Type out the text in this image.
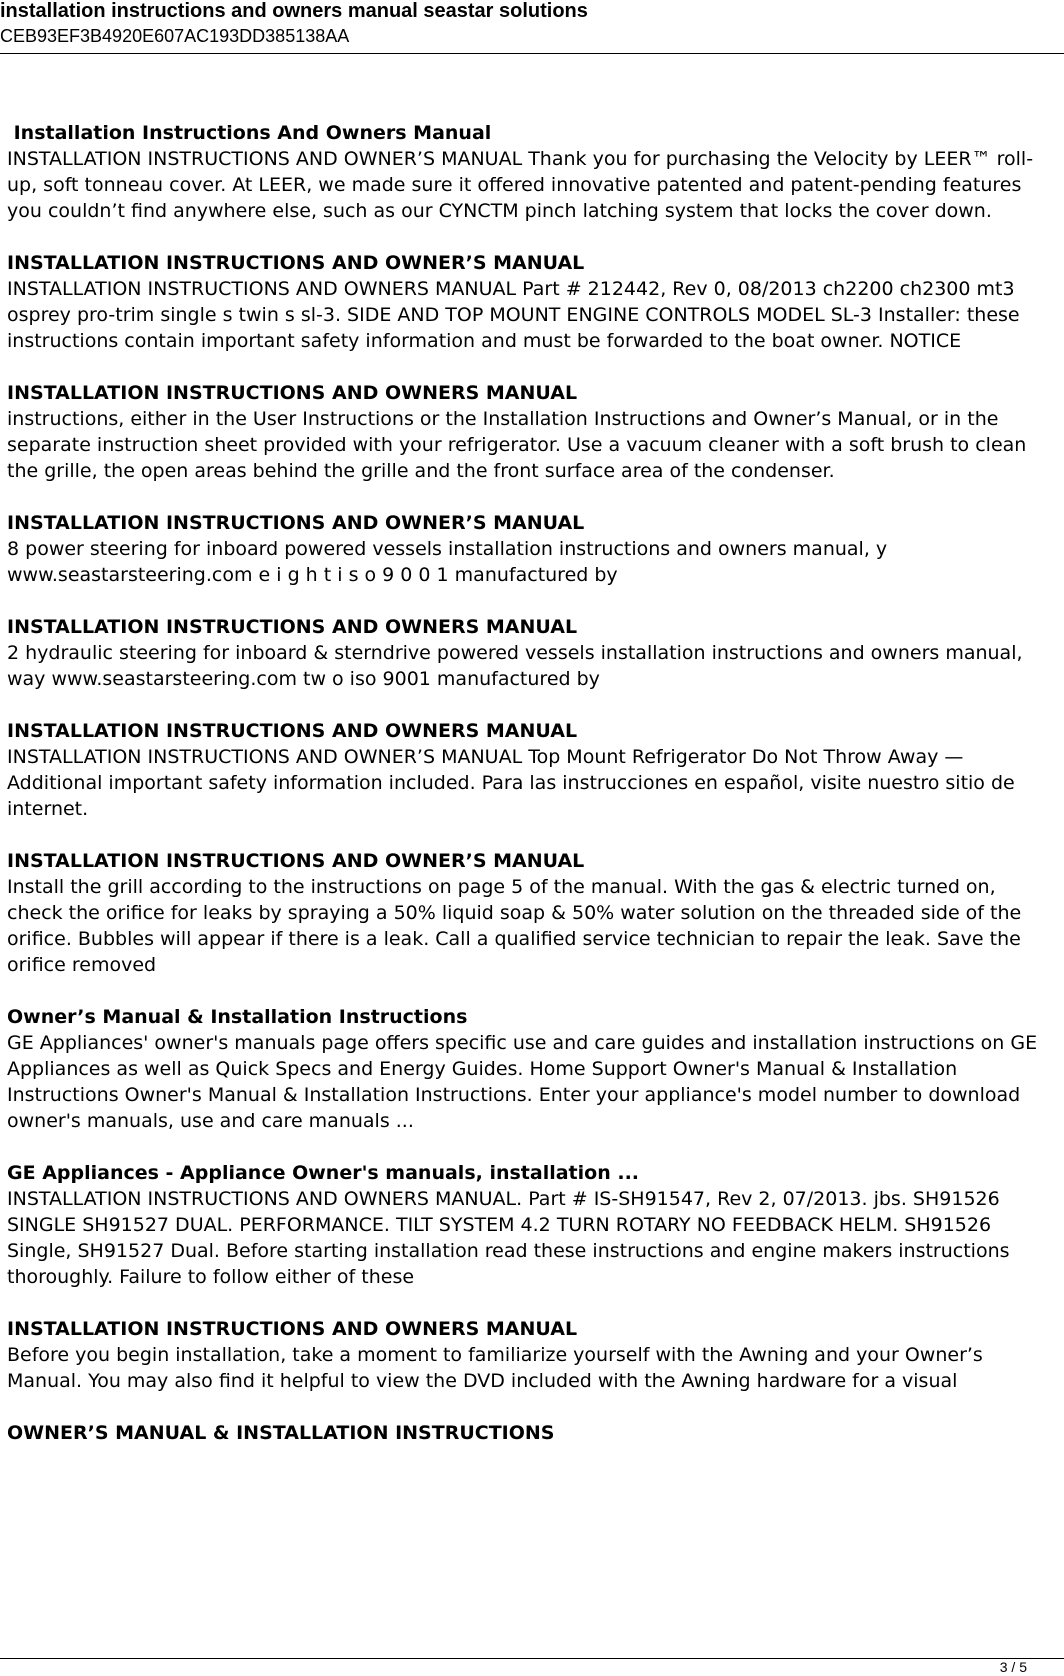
installation instructions and owners manual seastar solutions
CEB93EF3B4920E607AC193DD385138AA
Installation Instructions And Owners Manual

INSTALLATION INSTRUCTIONS AND OWNER’S MANUAL Thank you for purchasing the Velocity by LEER™ roll-up, soft tonneau cover. At LEER, we made sure it offered innovative patented and patent-pending features you couldn’t find anywhere else, such as our CYNCTM pinch latching system that locks the cover down.

INSTALLATION INSTRUCTIONS AND OWNER’S MANUAL

INSTALLATION INSTRUCTIONS AND OWNERS MANUAL Part # 212442, Rev 0, 08/2013 ch2200 ch2300 mt3 osprey pro-trim single s twin s sl-3. SIDE AND TOP MOUNT ENGINE CONTROLS MODEL SL-3 Installer: these instructions contain important safety information and must be forwarded to the boat owner. NOTICE

INSTALLATION INSTRUCTIONS AND OWNERS MANUAL

instructions, either in the User Instructions or the Installation Instructions and Owner’s Manual, or in the separate instruction sheet provided with your refrigerator. Use a vacuum cleaner with a soft brush to clean the grille, the open areas behind the grille and the front surface area of the condenser.

INSTALLATION INSTRUCTIONS AND OWNER’S MANUAL

8 power steering for inboard powered vessels installation instructions and owners manual, y www.seastarsteering.com e i g h t i s o 9 0 0 1 manufactured by

INSTALLATION INSTRUCTIONS AND OWNERS MANUAL

2 hydraulic steering for inboard & sterndrive powered vessels installation instructions and owners manual, way www.seastarsteering.com tw o iso 9001 manufactured by

INSTALLATION INSTRUCTIONS AND OWNERS MANUAL

INSTALLATION INSTRUCTIONS AND OWNER’S MANUAL Top Mount Refrigerator Do Not Throw Away — Additional important safety information included. Para las instrucciones en español, visite nuestro sitio de internet.

INSTALLATION INSTRUCTIONS AND OWNER’S MANUAL

Install the grill according to the instructions on page 5 of the manual. With the gas & electric turned on, check the orifice for leaks by spraying a 50% liquid soap & 50% water solution on the threaded side of the orifice. Bubbles will appear if there is a leak. Call a qualified service technician to repair the leak. Save the orifice removed

Owner’s Manual & Installation Instructions

GE Appliances' owner's manuals page offers specific use and care guides and installation instructions on GE Appliances as well as Quick Specs and Energy Guides. Home Support Owner's Manual & Installation Instructions Owner's Manual & Installation Instructions. Enter your appliance's model number to download owner's manuals, use and care manuals ...

GE Appliances - Appliance Owner's manuals, installation ...

INSTALLATION INSTRUCTIONS AND OWNERS MANUAL. Part # IS-SH91547, Rev 2, 07/2013. jbs. SH91526 SINGLE SH91527 DUAL. PERFORMANCE. TILT SYSTEM 4.2 TURN ROTARY NO FEEDBACK HELM. SH91526 Single, SH91527 Dual. Before starting installation read these instructions and engine makers instructions thoroughly. Failure to follow either of these

INSTALLATION INSTRUCTIONS AND OWNERS MANUAL

Before you begin installation, take a moment to familiarize yourself with the Awning and your Owner’s Manual. You may also find it helpful to view the DVD included with the Awning hardware for a visual

OWNER’S MANUAL & INSTALLATION INSTRUCTIONS

3 / 5
